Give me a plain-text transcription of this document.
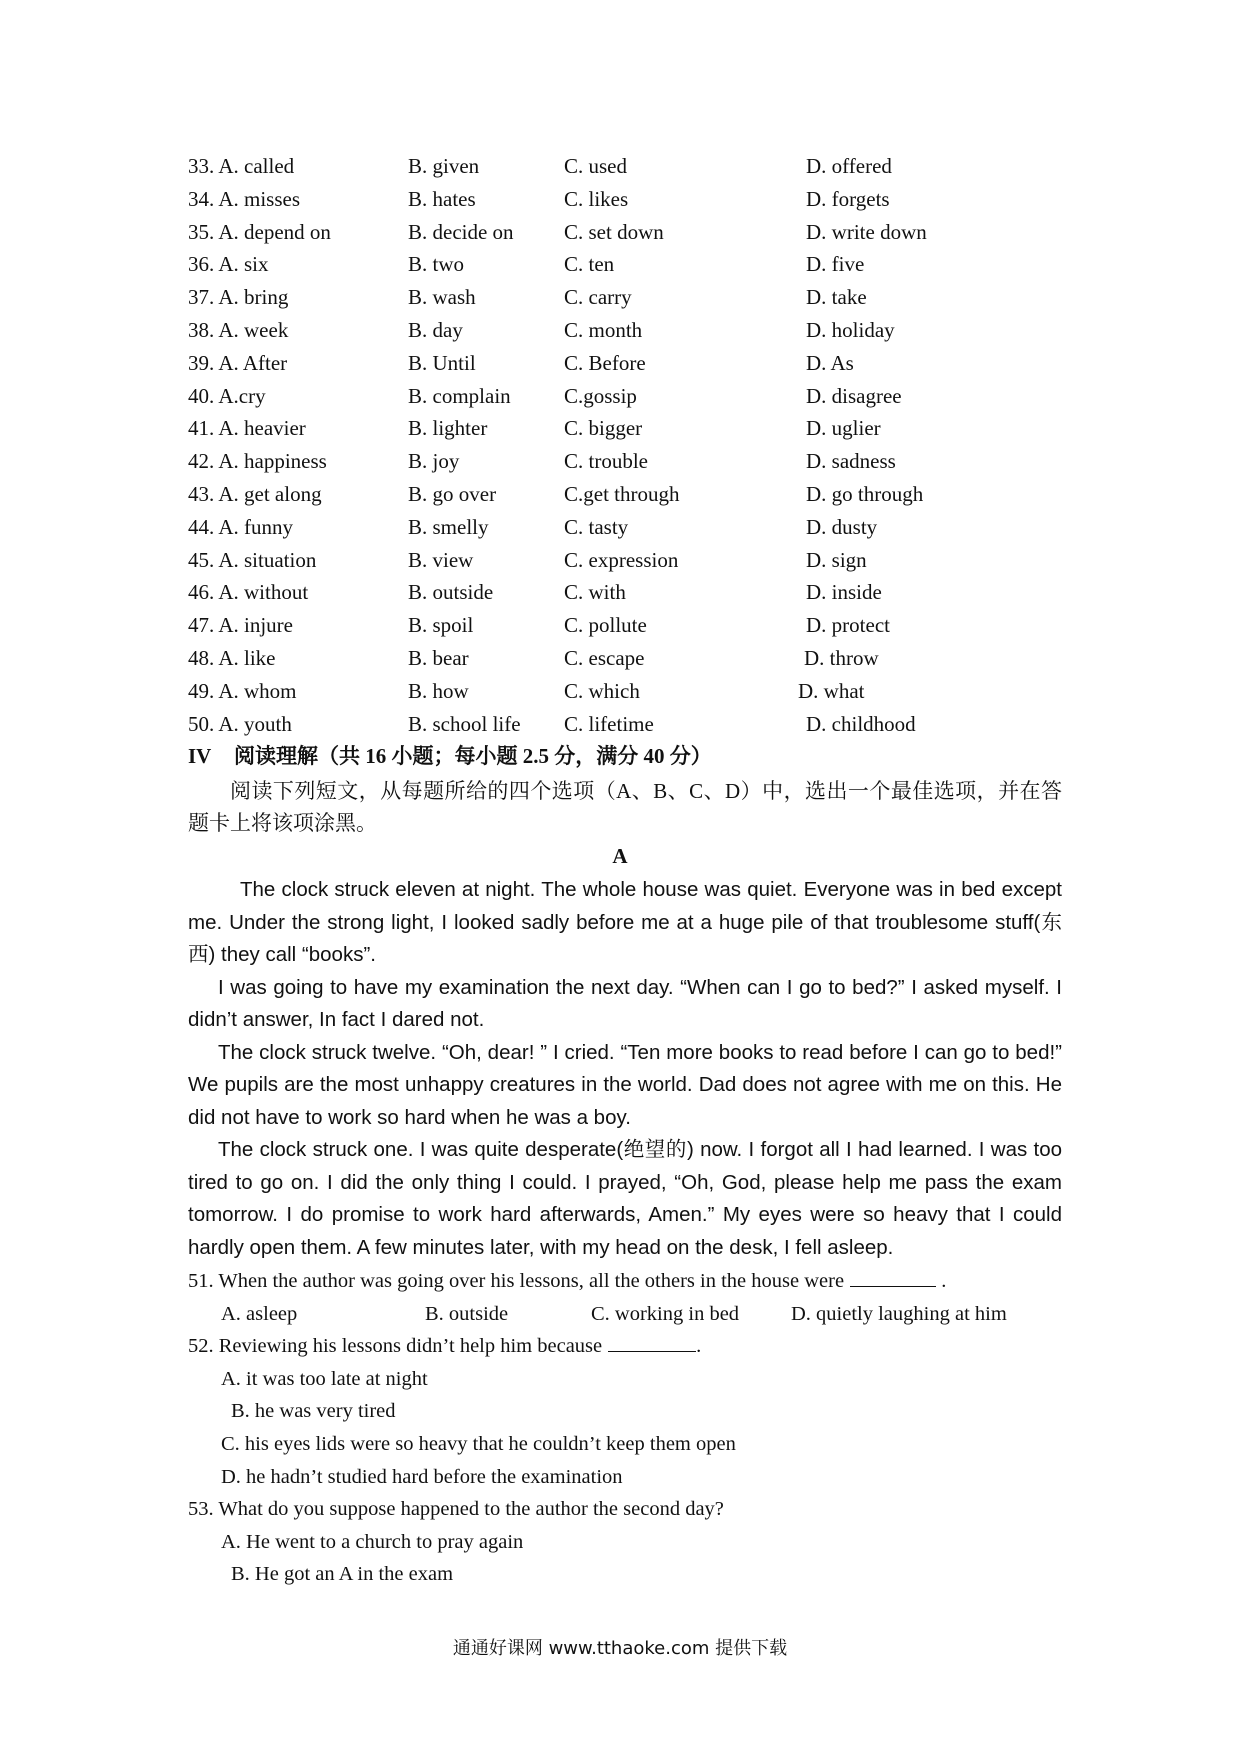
33. A. called	B. given	C. used	D. offered
34. A. misses	B. hates	C. likes	D. forgets
35. A. depend on	B. decide on C. set down	D. write down
36. A. six	B. two	C. ten	D. five
37. A. bring	B. wash	C. carry	D. take
38. A. week	B. day	C. month	D. holiday
39. A. After	B. Until	C. Before	D. As
40. A.cry	B. complain	C.gossip	D. disagree
41. A. heavier	B. lighter	C. bigger	D. uglier
42. A. happiness	B. joy	C. trouble	D. sadness
43. A. get along	B. go over	C.get through	D. go through
44. A. funny	B. smelly	C. tasty	D. dusty
45. A. situation	B. view	C. expression	D. sign
46. A. without	B. outside	C. with	D. inside
47. A. injure	B. spoil	C. pollute	D. protect
48. A. like	B. bear	C. escape	D. throw
49. A. whom	B. how	C. which	D. what
50. A. youth	B. school life C. lifetime	D. childhood
IV 阅读理解（共 16 小题；每小题 2.5 分，满分 40 分）
阅读下列短文，从每题所给的四个选项（A、B、C、D）中，选出一个最佳选项，并在答题卡上将该项涂黑。
A

The clock struck eleven at night. The whole house was quiet. Everyone was in bed except me. Under the strong light, I looked sadly before me at a huge pile of that troublesome stuff(东西) they call “books”.

I was going to have my examination the next day. “When can I go to bed?” I asked myself. I didn’t answer, In fact I dared not.

The clock struck twelve. “Oh, dear! ” I cried. “Ten more books to read before I can go to bed!” We pupils are the most unhappy creatures in the world. Dad does not agree with me on this. He did not have to work so hard when he was a boy.

The clock struck one. I was quite desperate(绝望的) now. I forgot all I had learned. I was too tired to go on. I did the only thing I could. I prayed, “Oh, God, please help me pass the exam tomorrow. I do promise to work hard afterwards, Amen.” My eyes were so heavy that I could hardly open them. A few minutes later, with my head on the desk, I fell asleep.

51. When the author was going over his lessons, all the others in the house were	.
A. asleep	B. outside	C. working in bed	D. quietly laughing at him
52. Reviewing his lessons didn’t help him because	.
A. it was too late at night
B. he was very tired
C. his eyes lids were so heavy that he couldn’t keep them open
D. he hadn’t studied hard before the examination
53. What do you suppose happened to the author the second day?
A. He went to a church to pray again
B. He got an A in the exam
通通好课网 www.tthaoke.com 提供下载
